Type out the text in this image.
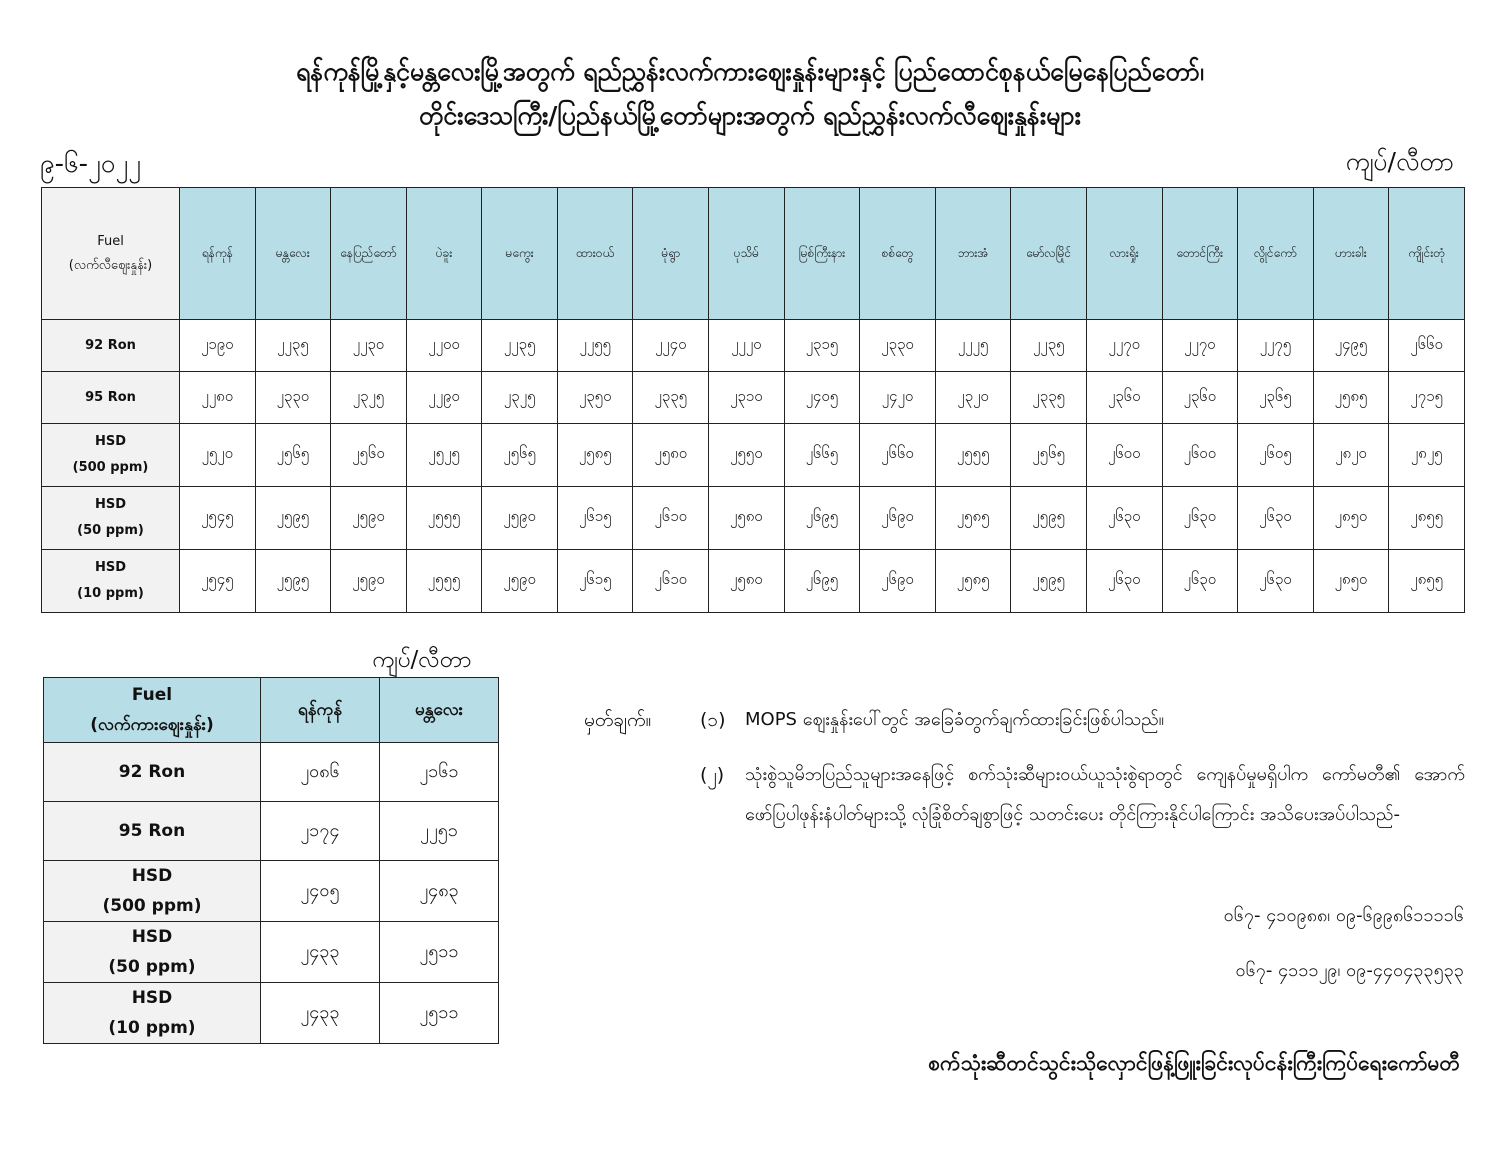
ရန်ကုန်မြို့နှင့်မန္တလေးမြို့အတွက် ရည်ညွှန်းလက်ကားဈေးနှုန်းများနှင့် ပြည်ထောင်စုနယ်မြေနေပြည်တော်၊
တိုင်းဒေသကြီး/ပြည်နယ်မြို့တော်များအတွက် ရည်ညွှန်းလက်လီဈေးနှုန်းများ
၉-၆-၂၀၂၂	ကျပ်/လီတာ
Fuel
(လက်လီဈေးနှုန်း)	ရန်ကုန်	မန္တလေး	နေပြည်တော်	ပဲခူး	မကွေး	ထားဝယ်	မုံရွာ	ပုသိမ်	မြစ်ကြီးနား	စစ်တွေ	ဘားအံ	မော်လမြိုင်	လားရှိုး	တောင်ကြီး	လွိုင်ကော်	ဟားခါး	ကျိုင်းတုံ

92 Ron	၂၁၉၀	၂၂၃၅	၂၂၃၀	၂၂၀၀	၂၂၃၅	၂၂၅၅	၂၂၄၀	၂၂၂၀	၂၃၁၅	၂၃၃၀	၂၂၂၅	၂၂၃၅	၂၂၇၀	၂၂၇၀	၂၂၇၅	၂၄၉၅	၂၆၆၀

95 Ron	၂၂၈၀	၂၃၃၀	၂၃၂၅	၂၂၉၀	၂၃၂၅	၂၃၅၀	၂၃၃၅	၂၃၁၀	၂၄၀၅	၂၄၂၀	၂၃၂၀	၂၃၃၅	၂၃၆၀	၂၃၆၀	၂၃၆၅	၂၅၈၅	၂၇၁၅

HSD
(500 ppm)	၂၅၂၀	၂၅၆၅	၂၅၆၀	၂၅၂၅	၂၅၆၅	၂၅၈၅	၂၅၈၀	၂၅၅၀	၂၆၆၅	၂၆၆၀	၂၅၅၅	၂၅၆၅	၂၆၀၀	၂၆၀၀	၂၆၀၅	၂၈၂၀	၂၈၂၅

HSD
(50 ppm)	၂၅၄၅	၂၅၉၅	၂၅၉၀	၂၅၅၅	၂၅၉၀	၂၆၁၅	၂၆၁၀	၂၅၈၀	၂၆၉၅	၂၆၉၀	၂၅၈၅	၂၅၉၅	၂၆၃၀	၂၆၃၀	၂၆၃၀	၂၈၅၀	၂၈၅၅

HSD
(10 ppm)	၂၅၄၅	၂၅၉၅	၂၅၉၀	၂၅၅၅	၂၅၉၀	၂၆၁၅	၂၆၁၀	၂၅၈၀	၂၆၉၅	၂၆၉၀	၂၅၈၅	၂၅၉၅	၂၆၃၀	၂၆၃၀	၂၆၃၀	၂၈၅၀	၂၈၅၅
ကျပ်/လီတာ
Fuel
(လက်ကားဈေးနှုန်း)	ရန်ကုန်	မန္တလေး

92 Ron	၂၀၈၆	၂၁၆၁

95 Ron	၂၁၇၄	၂၂၅၁

HSD
(500 ppm)	၂၄၀၅	၂၄၈၃

HSD
(50 ppm)	၂၄၃၃	၂၅၁၁

HSD
(10 ppm)	၂၄၃၃	၂၅၁၁
မှတ်ချက်။	(၁) MOPS ဈေးနှုန်းပေါ်တွင် အခြေခံတွက်ချက်ထားခြင်းဖြစ်ပါသည်။
(၂) သုံးစွဲသူမိဘပြည်သူများအနေဖြင့် စက်သုံးဆီများဝယ်ယူသုံးစွဲရာတွင် ကျေနပ်မှုမရှိပါက ကော်မတီ၏ အောက်ဖော်ပြပါဖုန်းနံပါတ်များသို့ လုံခြုံစိတ်ချစွာဖြင့် သတင်းပေး တိုင်ကြားနိုင်ပါကြောင်း အသိပေးအပ်ပါသည်-
၀၆၇- ၄၁၀၉၈၈၊ ၀၉-၆၉၉၈၆၁၁၁၁၆
၀၆၇- ၄၁၁၁၂၉၊ ၀၉-၄၄၀၄၃၃၅၃၃
စက်သုံးဆီတင်သွင်းသိုလှောင်ဖြန့်ဖြူးခြင်းလုပ်ငန်းကြီးကြပ်ရေးကော်မတီ
